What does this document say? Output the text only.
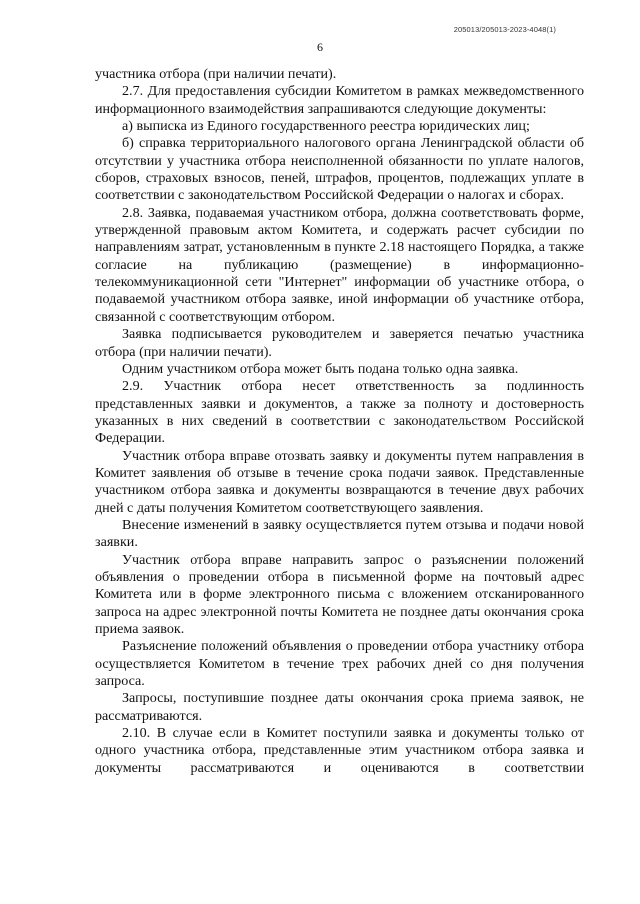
205013/205013-2023-4048(1)
6

участника отбора (при наличии печати).

2.7. Для предоставления субсидии Комитетом в рамках межведомственного информационного взаимодействия запрашиваются следующие документы:

а) выписка из Единого государственного реестра юридических лиц;

б) справка территориального налогового органа Ленинградской области об отсутствии у участника отбора неисполненной обязанности по уплате налогов, сборов, страховых взносов, пеней, штрафов, процентов, подлежащих уплате в соответствии с законодательством Российской Федерации о налогах и сборах.

2.8. Заявка, подаваемая участником отбора, должна соответствовать форме, утвержденной правовым актом Комитета, и содержать расчет субсидии по направлениям затрат, установленным в пункте 2.18 настоящего Порядка, а также согласие на публикацию (размещение) в информационно-телекоммуникационной сети "Интернет" информации об участнике отбора, о подаваемой участником отбора заявке, иной информации об участнике отбора, связанной с соответствующим отбором.

Заявка подписывается руководителем и заверяется печатью участника отбора (при наличии печати).

Одним участником отбора может быть подана только одна заявка.

2.9. Участник отбора несет ответственность за подлинность представленных заявки и документов, а также за полноту и достоверность указанных в них сведений в соответствии с законодательством Российской Федерации.

Участник отбора вправе отозвать заявку и документы путем направления в Комитет заявления об отзыве в течение срока подачи заявок. Представленные участником отбора заявка и документы возвращаются в течение двух рабочих дней с даты получения Комитетом соответствующего заявления.

Внесение изменений в заявку осуществляется путем отзыва и подачи новой заявки.

Участник отбора вправе направить запрос о разъяснении положений объявления о проведении отбора в письменной форме на почтовый адрес Комитета или в форме электронного письма с вложением отсканированного запроса на адрес электронной почты Комитета не позднее даты окончания срока приема заявок.

Разъяснение положений объявления о проведении отбора участнику отбора осуществляется Комитетом в течение трех рабочих дней со дня получения запроса.

Запросы, поступившие позднее даты окончания срока приема заявок, не рассматриваются.

2.10. В случае если в Комитет поступили заявка и документы только от одного участника отбора, представленные этим участником отбора заявка и документы рассматриваются и оцениваются в соответствии
